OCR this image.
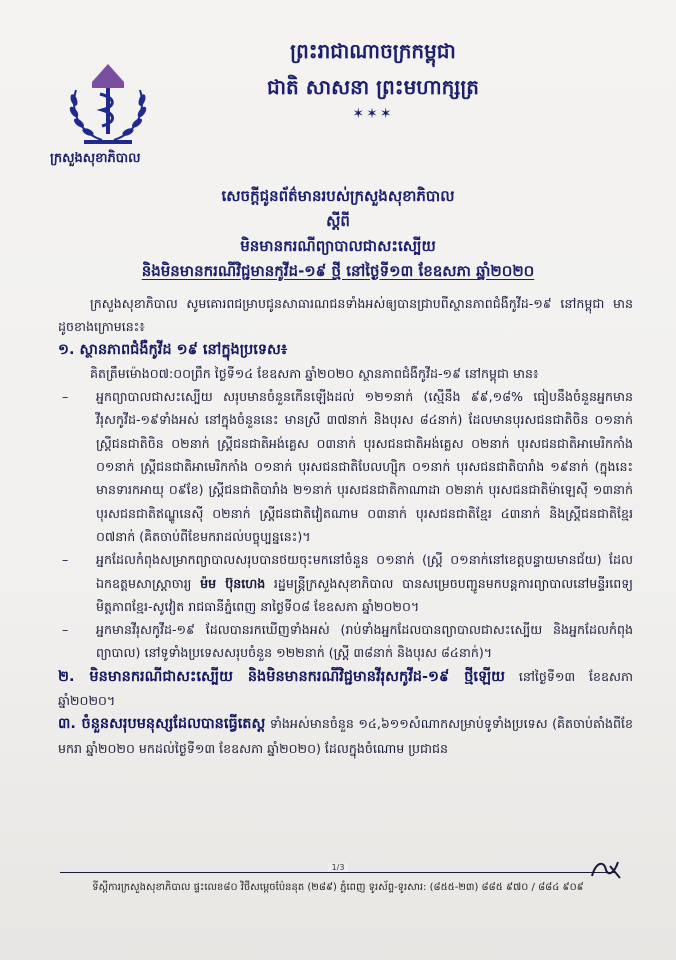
ព្រះរាជាណាចក្រកម្ពុជា
ជាតិ សាសនា ព្រះមហាក្សត្រ
✶✶✶
ក្រសួងសុខាភិបាល
សេចក្ដីជូនព័ត៌មានរបស់ក្រសួងសុខាភិបាល
ស្ដីពី
មិនមានករណីព្យាបាលជាសះស្បើយ
និងមិនមានករណីវិជ្ជមានកូវីដ-១៩ ថ្មី នៅថ្ងៃទី១៣ ខែឧសភា ឆ្នាំ២០២០

ក្រសួងសុខាភិបាល សូមគោរពជម្រាបជូនសាធារណជនទាំងអស់ឲ្យបានជ្រាបពីស្ថានភាពជំងឺកូវីដ-១៩ នៅកម្ពុជា មានដូចខាងក្រោមនេះ៖

១. ស្ថានភាពជំងឺកូវីដ ១៩ នៅក្នុងប្រទេស៖

គិតត្រឹមម៉ោង០៧:០០ព្រឹក ថ្ងៃទី១៤ ខែឧសភា ឆ្នាំ២០២០ ស្ថានភាពជំងឺកូវីដ-១៩ នៅកម្ពុជា មាន៖

–	អ្នកព្យាបាលជាសះស្បើយ សរុបមានចំនួនកើនឡើងដល់ ១២១នាក់ (ស្មើនឹង ៩៩,១៨% ធៀបនឹងចំនួនអ្នកមានវីរុសកូវីដ-១៩ទាំងអស់ នៅក្នុងចំនួននេះ មានស្រី ៣៧នាក់ និងបុរស ៨៤នាក់) ដែលមានបុរសជនជាតិចិន ០១នាក់ ស្ត្រីជនជាតិចិន ០២នាក់ ស្ត្រីជនជាតិអង់គ្លេស ០៣នាក់ បុរសជនជាតិអង់គ្លេស ០២នាក់ បុរសជនជាតិអាមេរិកកាំង ០១នាក់ ស្ត្រីជនជាតិអាមេរិកកាំង ០១នាក់ បុរសជនជាតិបែលហ្ស៊ិក ០១នាក់ បុរសជនជាតិបារាំង ១៩នាក់ (ក្នុងនេះ មានទារកអាយុ ០៩ខែ) ស្ត្រីជនជាតិបារាំង ២១នាក់ បុរសជនជាតិកាណាដា ០២នាក់ បុរសជនជាតិម៉ាឡេស៊ី ១៣នាក់ បុរសជនជាតិឥណ្ឌូនេស៊ី ០២នាក់ ស្ត្រីជនជាតិវៀតណាម ០៣នាក់ បុរសជនជាតិខ្មែរ ៤៣នាក់ និងស្ត្រីជនជាតិខ្មែរ ០៧នាក់ (គិតចាប់ពីខែមករាដល់បច្ចុប្បន្ននេះ)។
–	អ្នកដែលកំពុងសម្រាកព្យាបាលសរុបបានថយចុះមកនៅចំនួន ០១នាក់ (ស្ត្រី ០១នាក់នៅខេត្តបន្ទាយមានជ័យ) ដែលឯកឧត្តមសាស្ត្រាចារ្យ ម៉ម ប៊ុនហេង រដ្ឋមន្ត្រីក្រសួងសុខាភិបាល បានសម្រេចបញ្ជូនមកបន្តការព្យាបាលនៅមន្ទីរពេទ្យមិត្តភាពខ្មែរ-សូវៀត រាជធានីភ្នំពេញ នាថ្ងៃទី០៨ ខែឧសភា ឆ្នាំ២០២០។
–	អ្នកមានវីរុសកូវីដ-១៩ ដែលបានរកឃើញទាំងអស់ (រាប់ទាំងអ្នកដែលបានព្យាបាលជាសះស្បើយ និងអ្នកដែលកំពុងព្យាបាល) នៅទូទាំងប្រទេសសរុបចំនួន ១២២នាក់ (ស្ត្រី ៣៨នាក់ និងបុរស ៨៤នាក់)។

២. មិនមានករណីជាសះស្បើយ និងមិនមានករណីវិជ្ជមានវីរុសកូវីដ-១៩ ថ្មីឡើយ នៅថ្ងៃទី១៣ ខែឧសភា ឆ្នាំ២០២០។

៣. ចំនួនសរុបមនុស្សដែលបានធ្វើតេស្ត ទាំងអស់មានចំនួន ១៤,៦១១សំណាកសម្រាប់ទូទាំងប្រទេស (គិតចាប់តាំងពីខែមករា ឆ្នាំ២០២០ មកដល់ថ្ងៃទី១៣ ខែឧសភា ឆ្នាំ២០២០) ដែលក្នុងចំណោម ប្រជាជន

1/3
ទីស្ដីការក្រសួងសុខាភិបាល ផ្ទះលេខ៨០ វិថីសម្ដេចប៉ែននុត (២៨៩) ភ្នំពេញ ទូរស័ព្ទ-ទូរសារ: (៨៥៥-២៣) ៨៨៥ ៩៧០ / ៨៨៤ ៩០៩
